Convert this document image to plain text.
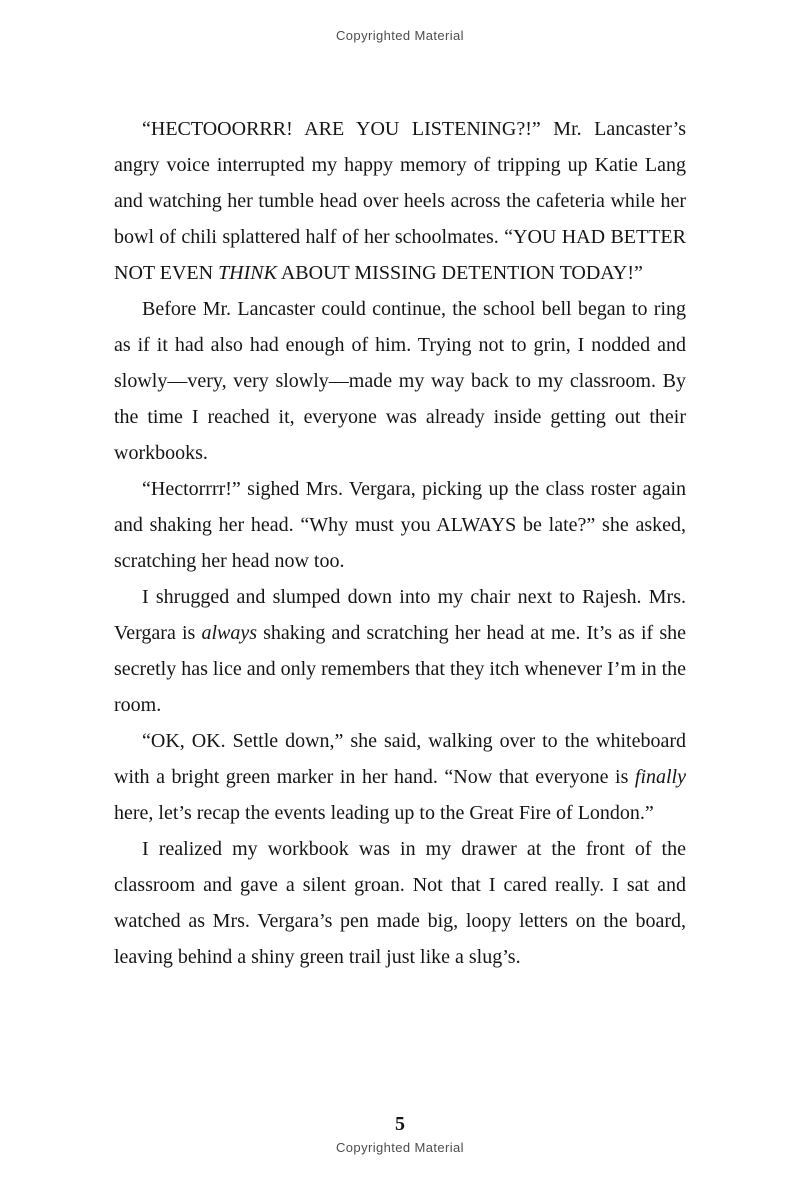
Copyrighted Material

“HECTOOORRR! ARE YOU LISTENING?!” Mr. Lancaster’s angry voice interrupted my happy memory of tripping up Katie Lang and watching her tumble head over heels across the cafeteria while her bowl of chili splattered half of her schoolmates. “YOU HAD BETTER NOT EVEN THINK ABOUT MISSING DETENTION TODAY!”

Before Mr. Lancaster could continue, the school bell began to ring as if it had also had enough of him. Trying not to grin, I nodded and slowly—very, very slowly—made my way back to my classroom. By the time I reached it, everyone was already inside getting out their workbooks.

“Hectorrrr!” sighed Mrs. Vergara, picking up the class roster again and shaking her head. “Why must you ALWAYS be late?” she asked, scratching her head now too.

I shrugged and slumped down into my chair next to Rajesh. Mrs. Vergara is always shaking and scratching her head at me. It’s as if she secretly has lice and only remembers that they itch whenever I’m in the room.

“OK, OK. Settle down,” she said, walking over to the whiteboard with a bright green marker in her hand. “Now that everyone is finally here, let’s recap the events leading up to the Great Fire of London.”

I realized my workbook was in my drawer at the front of the classroom and gave a silent groan. Not that I cared really. I sat and watched as Mrs. Vergara’s pen made big, loopy letters on the board, leaving behind a shiny green trail just like a slug’s.

5
Copyrighted Material
